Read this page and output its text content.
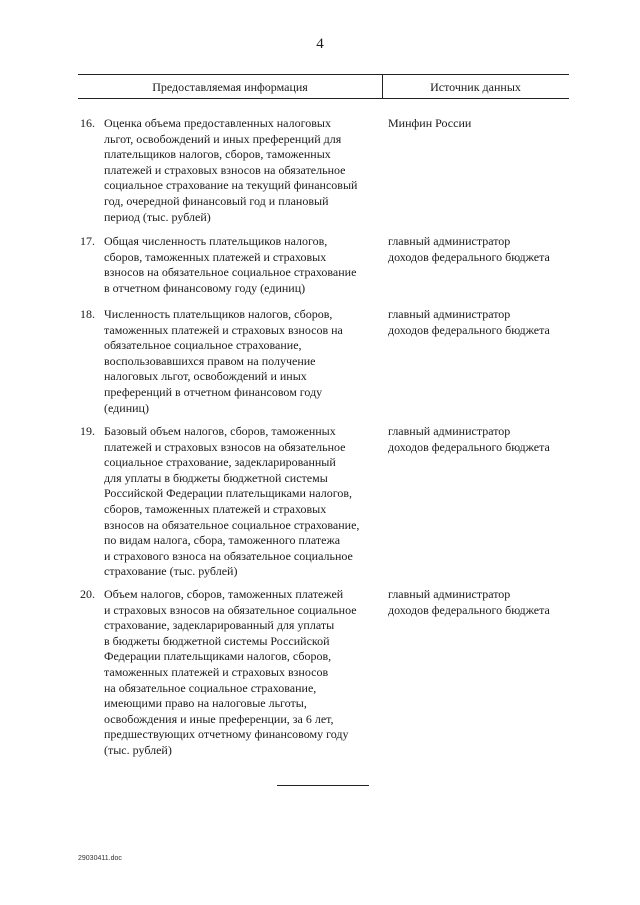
4
Предоставляемая информация	Источник данных
16. Оценка объема предоставленных налоговых
льгот, освобождений и иных преференций для
плательщиков налогов, сборов, таможенных
платежей и страховых взносов на обязательное
социальное страхование на текущий финансовый
год, очередной финансовый год и плановый
период (тыс. рублей)
Минфин России
17. Общая численность плательщиков налогов,
сборов, таможенных платежей и страховых
взносов на обязательное социальное страхование
в отчетном финансовому году (единиц)
главный администратор
доходов федерального бюджета
18. Численность плательщиков налогов, сборов,
таможенных платежей и страховых взносов на
обязательное социальное страхование,
воспользовавшихся правом на получение
налоговых льгот, освобождений и иных
преференций в отчетном финансовом году
(единиц)
главный администратор
доходов федерального бюджета
19. Базовый объем налогов, сборов, таможенных
платежей и страховых взносов на обязательное
социальное страхование, задекларированный
для уплаты в бюджеты бюджетной системы
Российской Федерации плательщиками налогов,
сборов, таможенных платежей и страховых
взносов на обязательное социальное страхование,
по видам налога, сбора, таможенного платежа
и страхового взноса на обязательное социальное
страхование (тыс. рублей)
главный администратор
доходов федерального бюджета
20. Объем налогов, сборов, таможенных платежей
и страховых взносов на обязательное социальное
страхование, задекларированный для уплаты
в бюджеты бюджетной системы Российской
Федерации плательщиками налогов, сборов,
таможенных платежей и страховых взносов
на обязательное социальное страхование,
имеющими право на налоговые льготы,
освобождения и иные преференции, за 6 лет,
предшествующих отчетному финансовому году
(тыс. рублей)
главный администратор
доходов федерального бюджета
29030411.doc
